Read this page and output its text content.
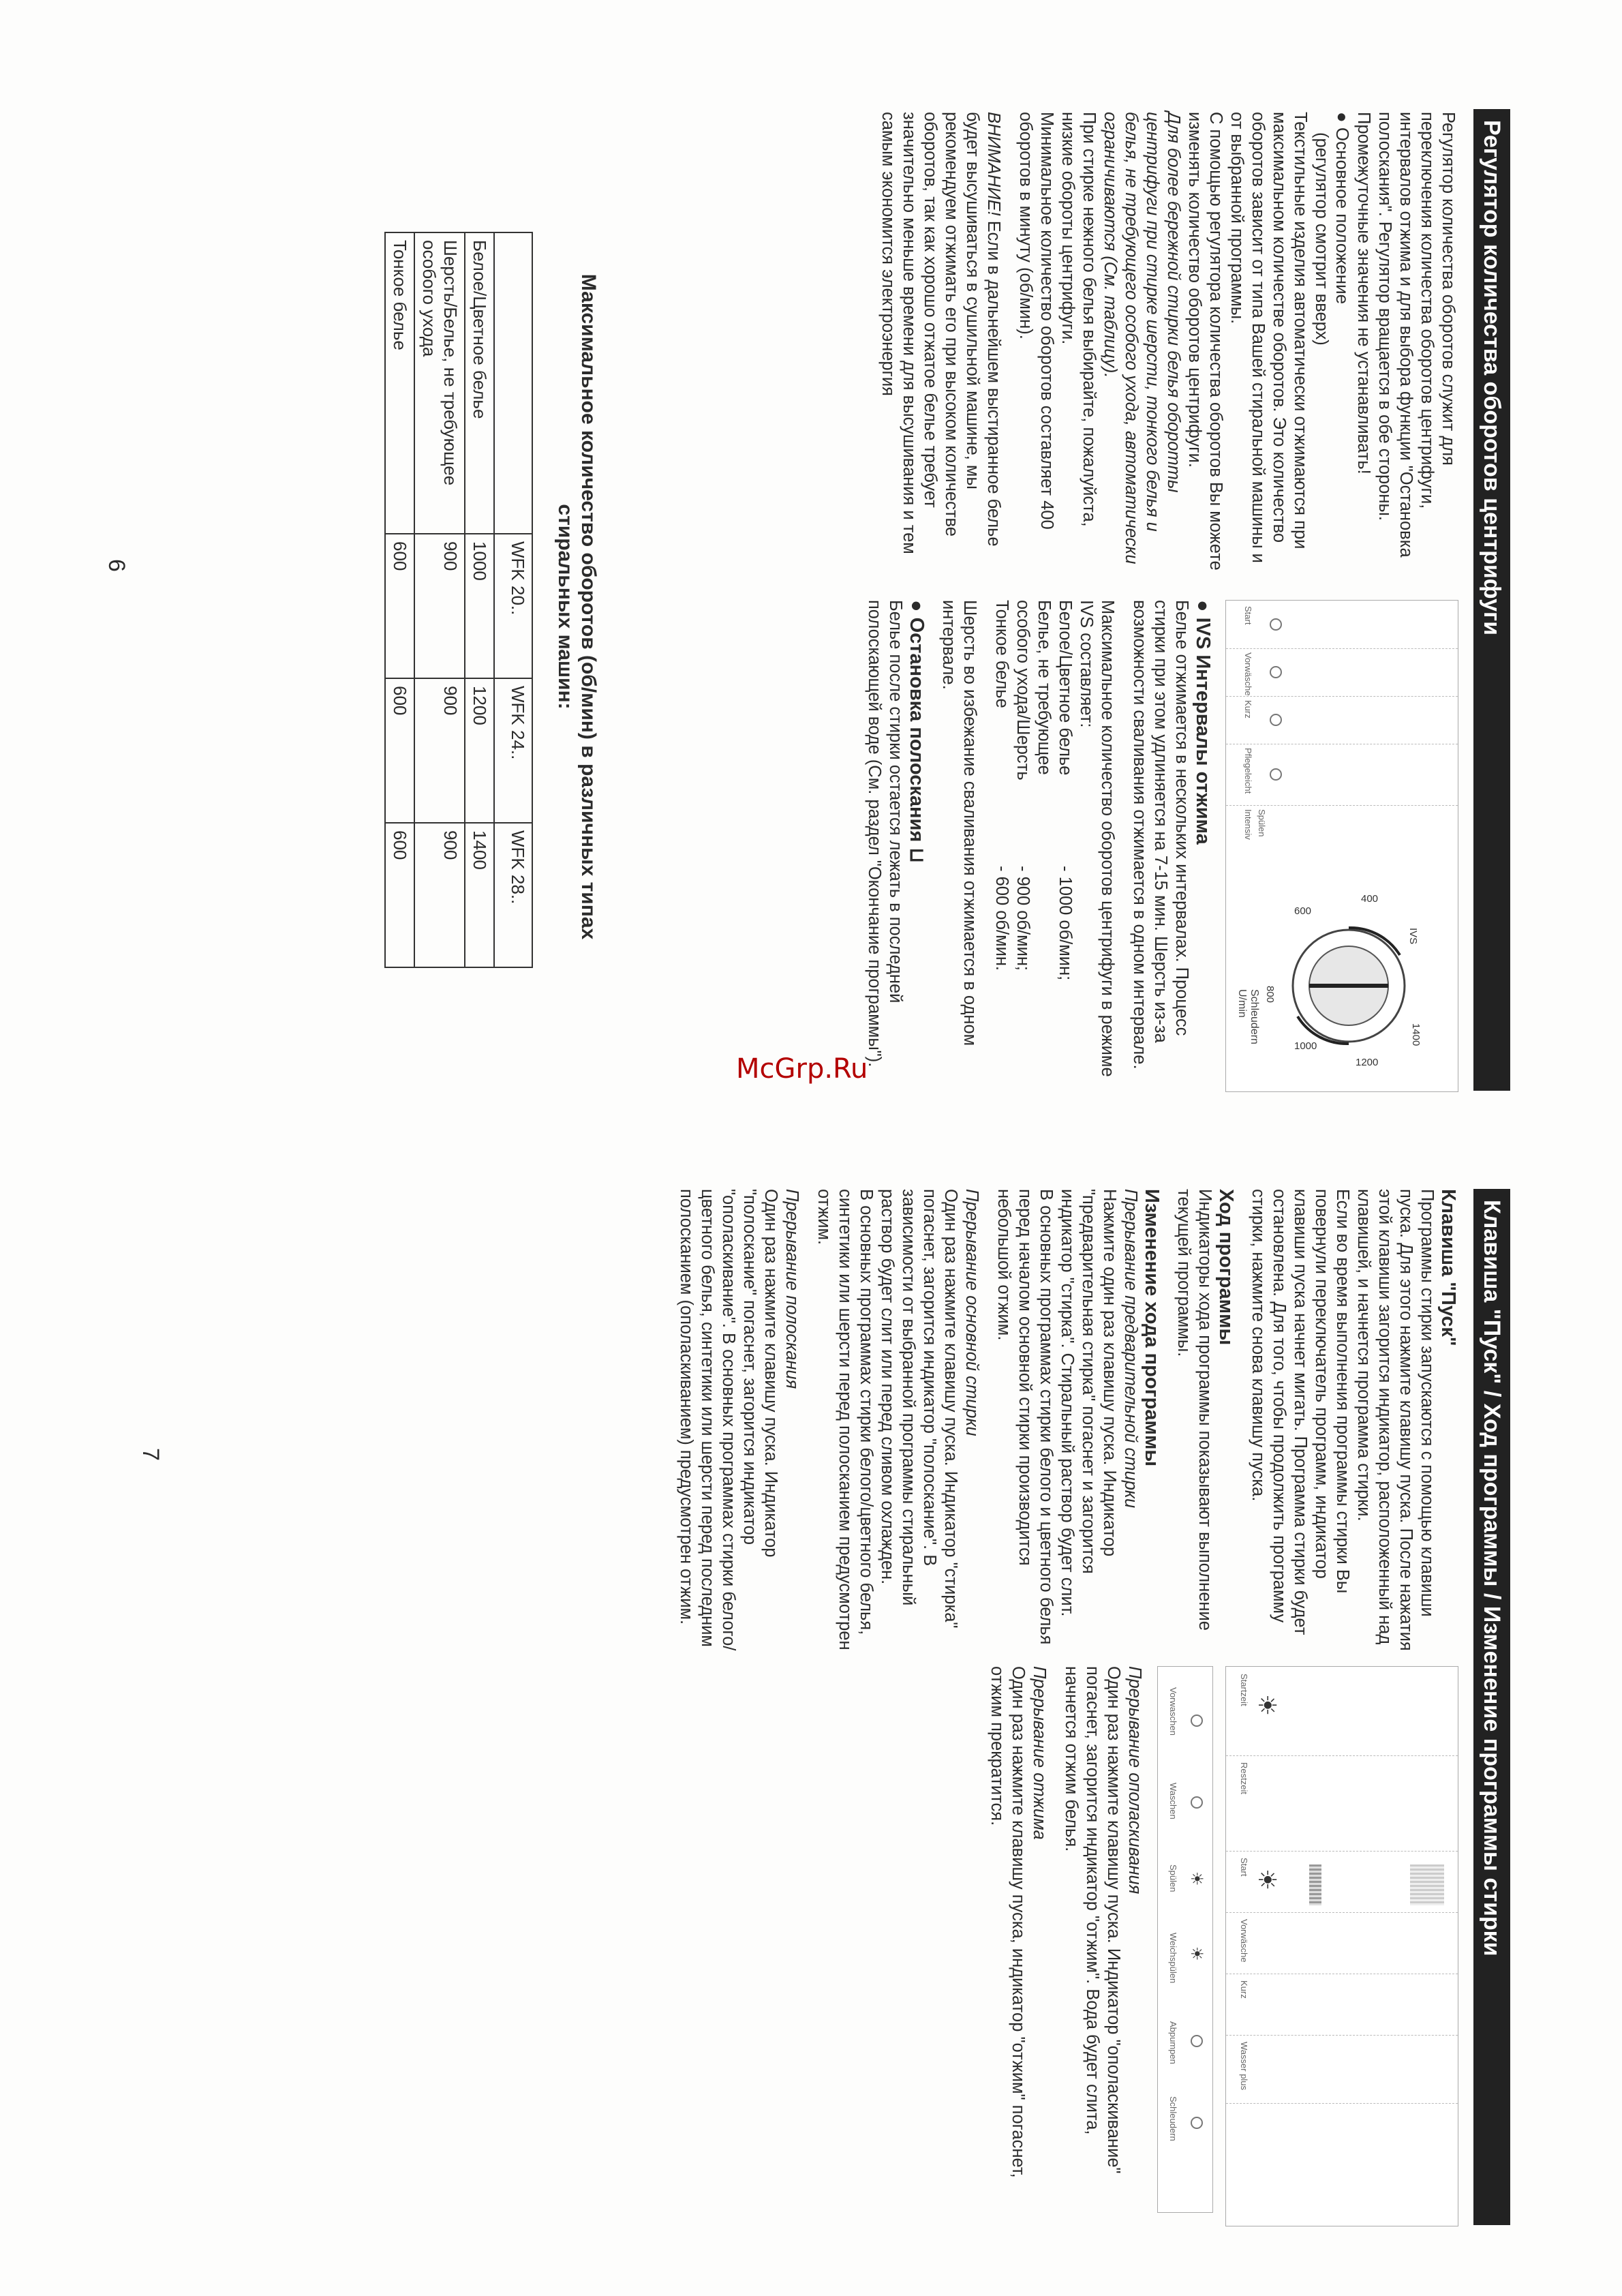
Регулятор количества оборотов центрифуги

Регулятор количества оборотов служит для переключения количества оборотов центрифуги, интервалов отжима и для выбора функции "Остановка полоскания". Регулятор вращается в обе стороны. Промежуточные значения не устанавливать!

● Основное положение

(регулятор смотрит вверх)

Текстильные изделия автоматически отжимаются при максимальном количестве оборотов. Это количество оборотов зависит от типа Вашей стиральной машины и от выбранной программы.

С помощью регулятора количества оборотов Вы можете изменять количество оборотов центрифуги.

Для более бережной стирки белья оборотты центрифуги при стирке шерсти, тонкого белья и белья, не требующего особого ухода, автоматически ограничиваются (См. таблицу).

При стирке нежного белья выбирайте, пожалуйста, низкие обороты центрифуги.

Минимальное количество оборотов составляет 400 оборотов в минуту (об/мин).

ВНИМАНИЕ! Если в дальнейшем выстиранное белье будет высушиваться в сушильной машине, мы рекомендуем отжимать его при высоком количестве оборотов, так как хорошо отжатое белье требует значительно меньше времени для высушивания и тем самым экономится электроэнергия

Start
Vorwäsche
Kurz
Pflegeleicht
Intensiv Spülen
Schleudern U/min
400
600
800
1000
1200
1400
IVS

● IVS Интервалы отжима

Белье отжимается в нескольких интервалах. Процесс стирки при этом удлиняется на 7-15 мин. Шерсть из-за возможности сваливания отжимается в одном интервале.

Максимальное количество оборотов центрифуги в режиме IVS составляет:

Белое/Цветное белье
- 1000 об/мин;
Белье, не требующее
особого ухода/Шерсть
- 900 об/мин;
Тонкое белье
- 600 об/мин.

Шерсть во избежание сваливания отжимается в одном интервале.

● Остановка полоскания ⊔

Белье после стирки остается лежать в последней полоскающей воде (См. раздел "Окончание программы").

Максимальное количество оборотов (об/мин) в различных типах стиральных машин:
	WFK 20..	WFK 24..	WFK 28..
Белое/Цветное белье	1000	1200	1400
Шерсть/Белье, не требующее особого ухода	900	900	900
Тонкое белье	600	600	600
6
Клавиша "Пуск" / Ход программы / Изменение программы стирки

Клавиша "Пуск"

Программы стирки запускаются с помощью клавиши пуска. Для этого нажмите клавишу пуска. После нажатия этой клавиши загорится индикатор, расположенный над клавишей, и начнется программа стирки.

Если во время выполнения программы стирки Вы повернули переключатель программ, индикатор клавиши пуска начнет мигать. Программа стирки будет остановлена. Для того, чтобы продолжить программу стирки, нажмите снова клавишу пуска.

Ход программы

Индикаторы хода программы показывают выполнение текущей программы.

Изменение хода программы

Прерывание предварительной стирки

Нажмите один раз клавишу пуска. Индикатор "предварительная стирка" погаснет и загорится индикатор "стирка". Стиральный раствор будет слит.

В основных программах стирки белого и цветного белья перед началом основной стирки производится небольшой отжим.

Прерывание основной стирки

Один раз нажмите клавишу пуска. Индикатор "стирка" погаснет, загорится индикатор "полоскание". В зависимости от выбранной программы стиральный раствор будет слит или перед сливом охлажден.

В основных программах стирки белого/цветного белья, синтетики или шерсти перед полосканием предусмотрен отжим.

Прерывание полоскания

Один раз нажмите клавишу пуска. Индикатор "полоскание" погаснет, загорится индикатор "ополаскивание". В основных программах стирки белого/цветного белья, синтетики или шерсти перед последним полосканием (ополаскиванием) предусмотрен отжим.

Startzeit
Restzeit
Start
Vorwäsche
Kurz
Wasser plus
☀
☀
☀
☀
Vorwaschen
Waschen
Spülen
Weichspülen
Abpumpen
Schleudern

Прерывание ополаскивания

Один раз нажмите клавишу пуска. Индикатор "ополаскивание" погаснет, загорится индикатор "отжим". Вода будет слита, начнется отжим белья.

Прерывание отжима

Один раз нажмите клавишу пуска, индикатор "отжим" погаснет, отжим прекратится.

7
McGrp.Ru
